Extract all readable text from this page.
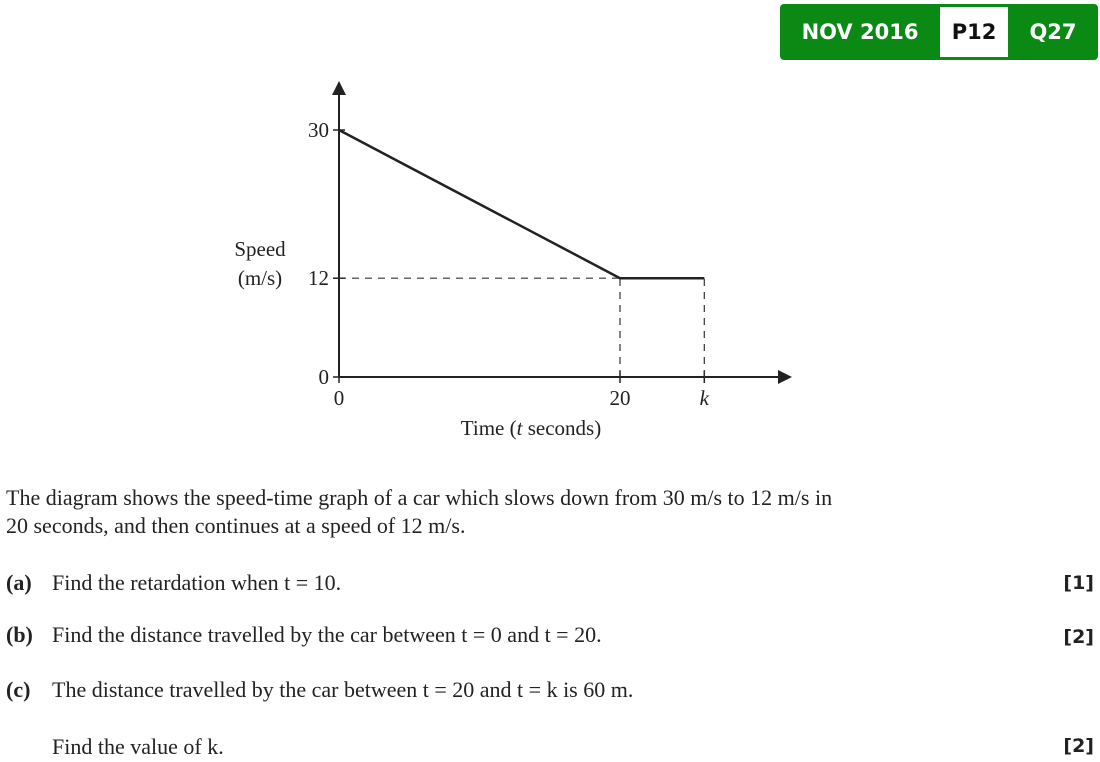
NOV 2016	P12	Q27
0
12
30
0	20	k
Speed
(m/s)
Time (t seconds)
The diagram shows the speed-time graph of a car which slows down from 30 m/s to 12 m/s in
20 seconds, and then continues at a speed of 12 m/s.
(a) Find the retardation when t = 10.	[1]
(b) Find the distance travelled by the car between t = 0 and t = 20.	[2]
(c) The distance travelled by the car between t = 20 and t = k is 60 m.
Find the value of k.	[2]
